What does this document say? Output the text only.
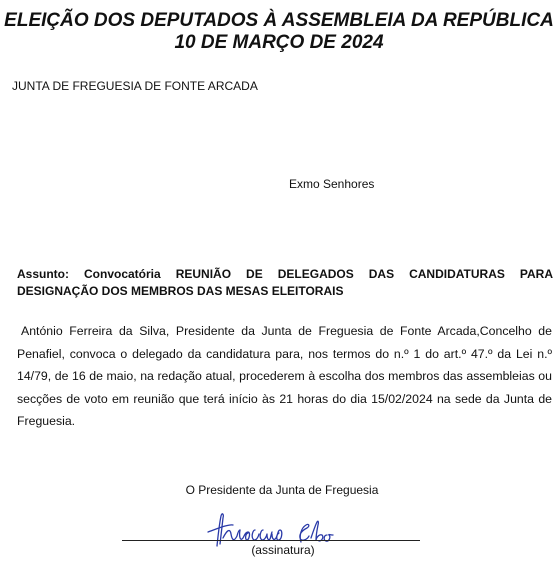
ELEIÇÃO DOS DEPUTADOS À ASSEMBLEIA DA REPÚBLICA
10 DE MARÇO DE 2024

JUNTA DE FREGUESIA DE FONTE ARCADA

Exmo Senhores

Assunto: Convocatória REUNIÃO DE DELEGADOS DAS CANDIDATURAS PARA DESIGNAÇÃO DOS MEMBROS DAS MESAS ELEITORAIS

António Ferreira da Silva, Presidente da Junta de Freguesia de Fonte Arcada,Concelho de Penafiel, convoca o delegado da candidatura para, nos termos do n.º 1 do art.º 47.º da Lei n.º 14/79, de 16 de maio, na redação atual, procederem à escolha dos membros das assembleias ou secções de voto em reunião que terá início às 21 horas do dia 15/02/2024 na sede da Junta de Freguesia.

O Presidente da Junta de Freguesia

(assinatura)
